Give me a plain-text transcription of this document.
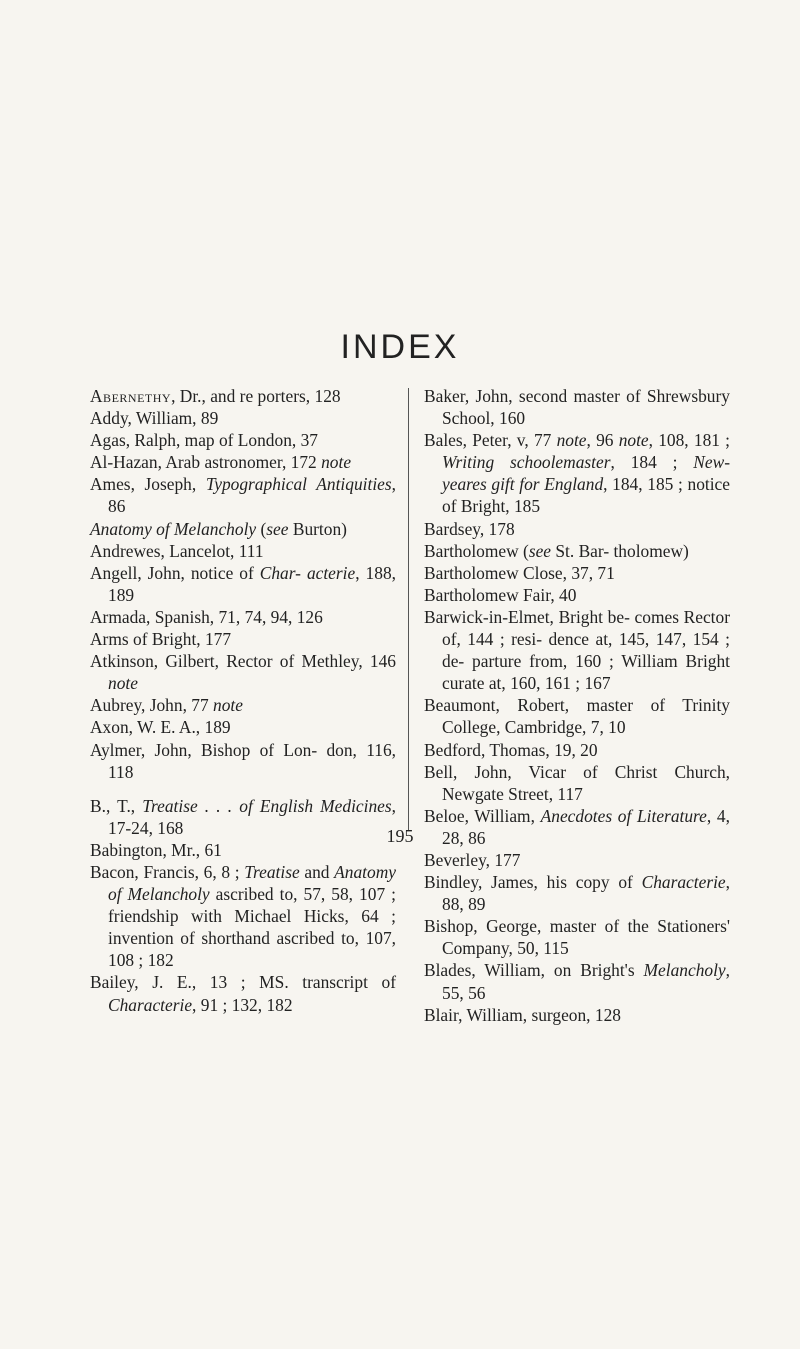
INDEX
Abernethy, Dr., and re porters, 128
Addy, William, 89
Agas, Ralph, map of London, 37
Al-Hazan, Arab astronomer, 172 note
Ames, Joseph, Typographical Antiquities, 86
Anatomy of Melancholy (see Burton)
Andrewes, Lancelot, 111
Angell, John, notice of Char- acterie, 188, 189
Armada, Spanish, 71, 74, 94, 126
Arms of Bright, 177
Atkinson, Gilbert, Rector of Methley, 146 note
Aubrey, John, 77 note
Axon, W. E. A., 189
Aylmer, John, Bishop of Lon- don, 116, 118
B., T., Treatise . . . of English Medicines, 17-24, 168
Babington, Mr., 61
Bacon, Francis, 6, 8 ; Treatise and Anatomy of Melancholy ascribed to, 57, 58, 107 ; friendship with Michael Hicks, 64 ; invention of shorthand ascribed to, 107, 108 ; 182
Bailey, J. E., 13 ; MS. transcript of Characterie, 91 ; 132, 182
Baker, John, second master of Shrewsbury School, 160
Bales, Peter, v, 77 note, 96 note, 108, 181 ; Writing schoolemaster, 184 ; New- yeares gift for England, 184, 185 ; notice of Bright, 185
Bardsey, 178
Bartholomew (see St. Bar- tholomew)
Bartholomew Close, 37, 71
Bartholomew Fair, 40
Barwick-in-Elmet, Bright be- comes Rector of, 144 ; resi- dence at, 145, 147, 154 ; de- parture from, 160 ; William Bright curate at, 160, 161 ; 167
Beaumont, Robert, master of Trinity College, Cambridge, 7, 10
Bedford, Thomas, 19, 20
Bell, John, Vicar of Christ Church, Newgate Street, 117
Beloe, William, Anecdotes of Literature, 4, 28, 86
Beverley, 177
Bindley, James, his copy of Characterie, 88, 89
Bishop, George, master of the Stationers' Company, 50, 115
Blades, William, on Bright's Melancholy, 55, 56
Blair, William, surgeon, 128
195
